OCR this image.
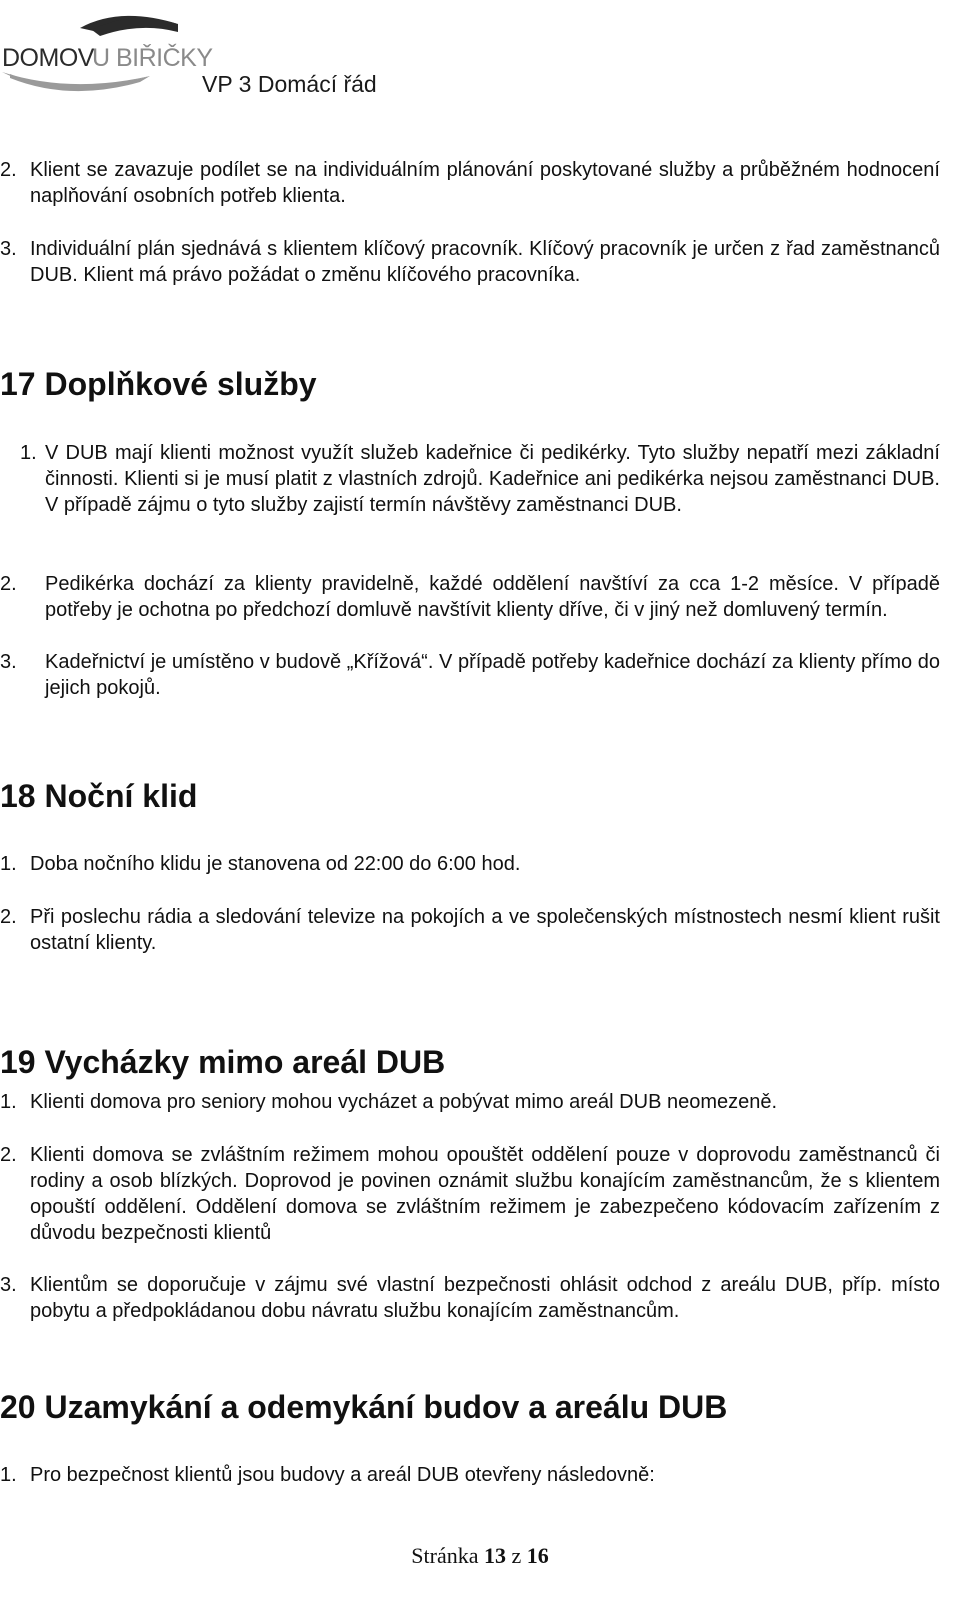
DOMOV
U BIŘIČKY
VP 3 Domácí řád
2. Klient se zavazuje podílet se na individuálním plánování poskytované služby a průběžném hodnocení naplňování osobních potřeb klienta.
3. Individuální plán sjednává s klientem klíčový pracovník. Klíčový pracovník je určen z řad zaměstnanců DUB. Klient má právo požádat o změnu klíčového pracovníka.
17 Doplňkové služby
1. V DUB mají klienti možnost využít služeb kadeřnice či pedikérky. Tyto služby nepatří mezi základní činnosti. Klienti si je musí platit z vlastních zdrojů. Kadeřnice ani pedikérka nejsou zaměstnanci DUB. V případě zájmu o tyto služby zajistí termín návštěvy zaměstnanci DUB.
2. Pedikérka dochází za klienty pravidelně, každé oddělení navštíví za cca 1-2 měsíce. V případě potřeby je ochotna po předchozí domluvě navštívit klienty dříve, či v jiný než domluvený termín.
3. Kadeřnictví je umístěno v budově „Křížová“. V případě potřeby kadeřnice dochází za klienty přímo do jejich pokojů.
18 Noční klid
1. Doba nočního klidu je stanovena od 22:00 do 6:00 hod.
2. Při poslechu rádia a sledování televize na pokojích a ve společenských místnostech nesmí klient rušit ostatní klienty.
19 Vycházky mimo areál DUB
1. Klienti domova pro seniory mohou vycházet a pobývat mimo areál DUB neomezeně.
2. Klienti domova se zvláštním režimem mohou opouštět oddělení pouze v doprovodu zaměstnanců či rodiny a osob blízkých. Doprovod je povinen oznámit službu konajícím zaměstnancům, že s klientem opouští oddělení. Oddělení domova se zvláštním režimem je zabezpečeno kódovacím zařízením z důvodu bezpečnosti klientů
3. Klientům se doporučuje v zájmu své vlastní bezpečnosti ohlásit odchod z areálu DUB, příp. místo pobytu a předpokládanou dobu návratu službu konajícím zaměstnancům.
20 Uzamykání a odemykání budov a areálu DUB
1. Pro bezpečnost klientů jsou budovy a areál DUB otevřeny následovně:
Stránka 13 z 16
